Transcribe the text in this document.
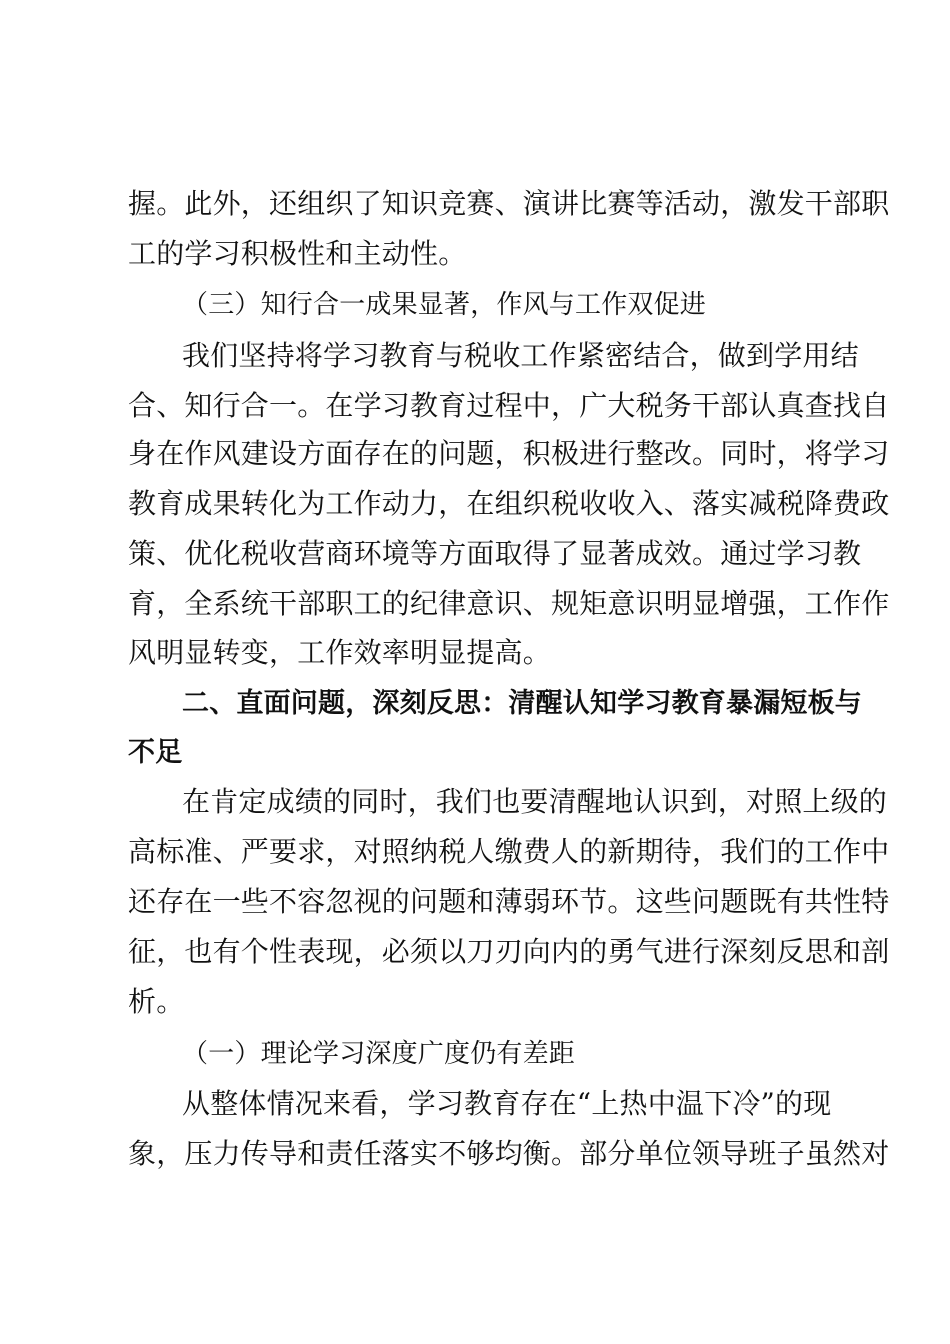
握。此外，还组织了知识竞赛、演讲比赛等活动，激发干部职
工的学习积极性和主动性。
（三）知行合一成果显著，作风与工作双促进
我们坚持将学习教育与税收工作紧密结合，做到学用结
合、知行合一。在学习教育过程中，广大税务干部认真查找自
身在作风建设方面存在的问题，积极进行整改。同时，将学习
教育成果转化为工作动力，在组织税收收入、落实减税降费政
策、优化税收营商环境等方面取得了显著成效。通过学习教
育，全系统干部职工的纪律意识、规矩意识明显增强，工作作
风明显转变，工作效率明显提高。
二、直面问题，深刻反思：清醒认知学习教育暴漏短板与
不足
在肯定成绩的同时，我们也要清醒地认识到，对照上级的
高标准、严要求，对照纳税人缴费人的新期待，我们的工作中
还存在一些不容忽视的问题和薄弱环节。这些问题既有共性特
征，也有个性表现，必须以刀刃向内的勇气进行深刻反思和剖
析。
（一）理论学习深度广度仍有差距
从整体情况来看，学习教育存在“上热中温下冷”的现
象，压力传导和责任落实不够均衡。部分单位领导班子虽然对
